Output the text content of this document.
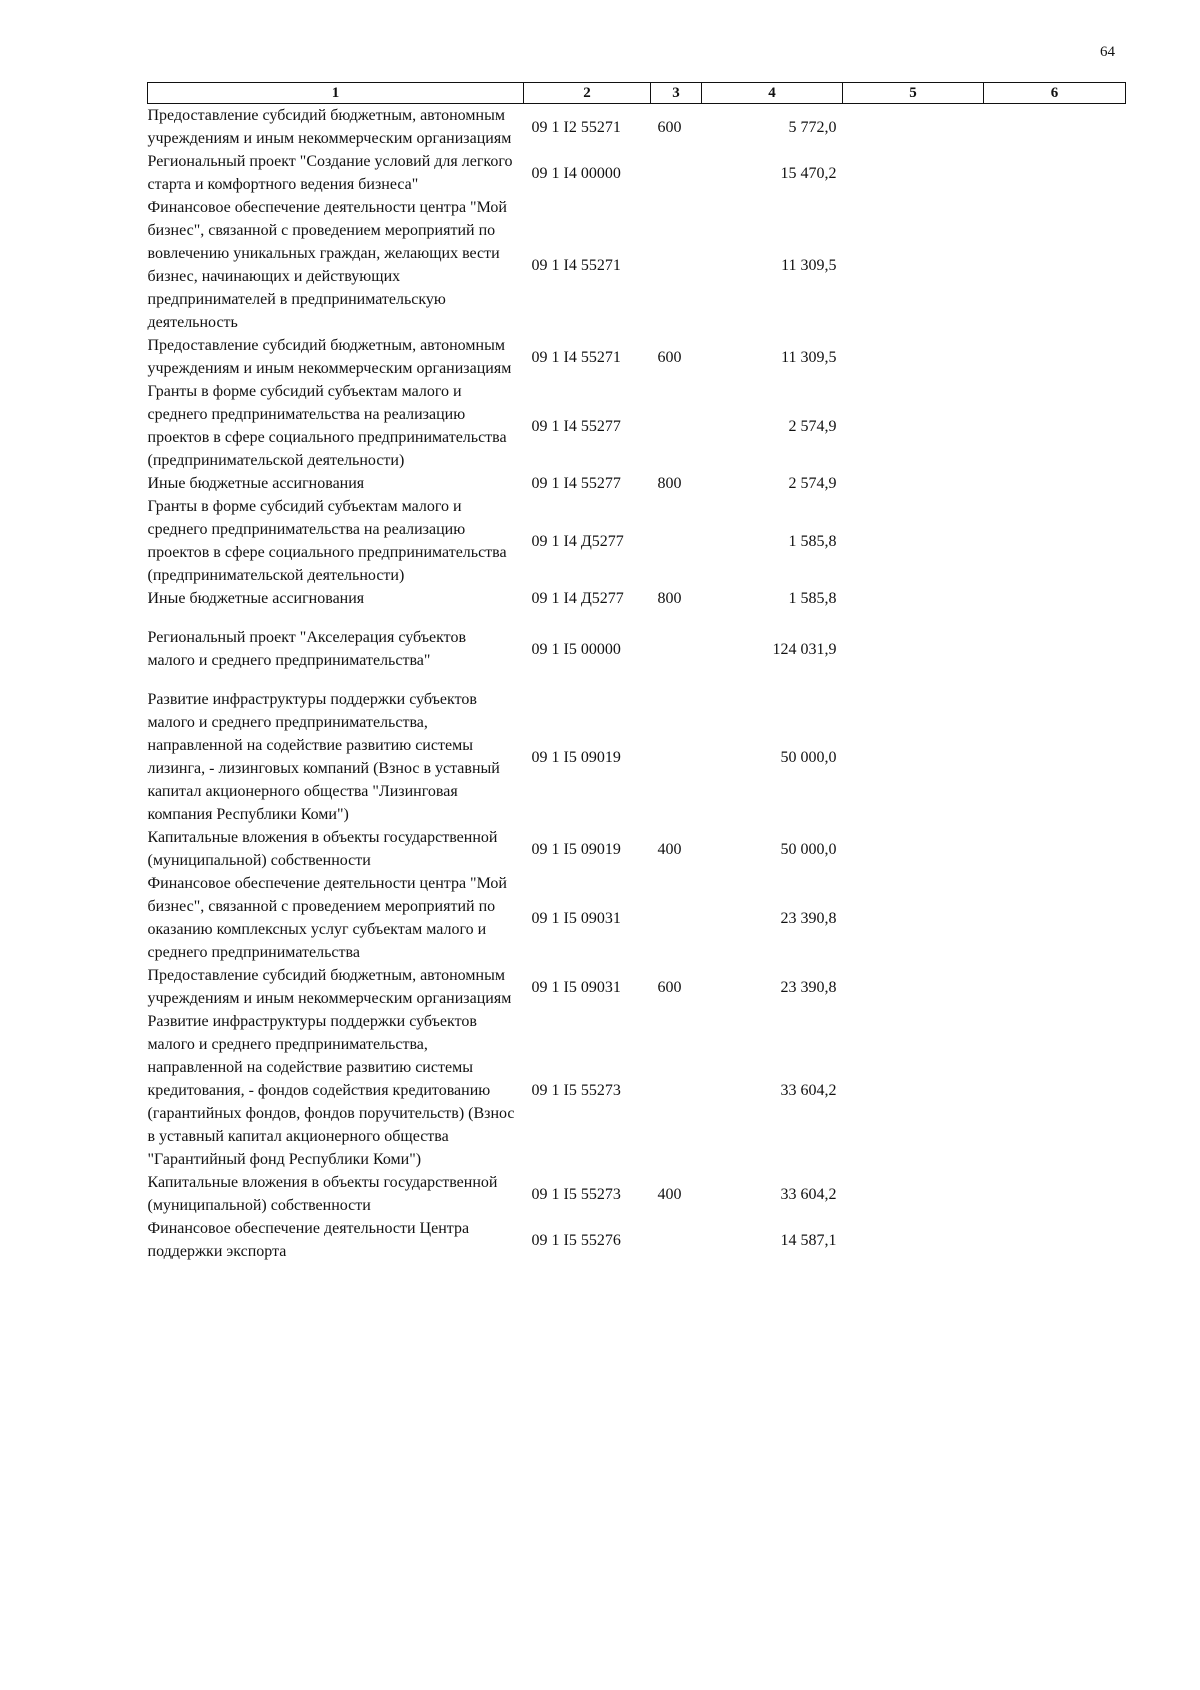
64
1	2	3	4	5	6
Предоставление субсидий бюджетным, автономным учреждениям и иным некоммерческим организациям	09 1 I2 55271	600	5 772,0		
Региональный проект "Создание условий для легкого старта и комфортного ведения бизнеса"	09 1 I4 00000		15 470,2		
Финансовое обеспечение деятельности центра "Мой бизнес", связанной с проведением мероприятий по вовлечению уникальных граждан, желающих вести бизнес, начинающих и действующих предпринимателей в предпринимательскую деятельность	09 1 I4 55271		11 309,5		
Предоставление субсидий бюджетным, автономным учреждениям и иным некоммерческим организациям	09 1 I4 55271	600	11 309,5		
Гранты в форме субсидий субъектам малого и среднего предпринимательства на реализацию проектов в сфере социального предпринимательства (предпринимательской деятельности)	09 1 I4 55277		2 574,9		
Иные бюджетные ассигнования	09 1 I4 55277	800	2 574,9		
Гранты в форме субсидий субъектам малого и среднего предпринимательства на реализацию проектов в сфере социального предпринимательства (предпринимательской деятельности)	09 1 I4 Д5277		1 585,8		
Иные бюджетные ассигнования	09 1 I4 Д5277	800	1 585,8		
Региональный проект "Акселерация субъектов малого и среднего предпринимательства"	09 1 I5 00000		124 031,9		
Развитие инфраструктуры поддержки субъектов малого и среднего предпринимательства, направленной на содействие развитию системы лизинга, - лизинговых компаний (Взнос в уставный капитал акционерного общества "Лизинговая компания Республики Коми")	09 1 I5 09019		50 000,0		
Капитальные вложения в объекты государственной (муниципальной) собственности	09 1 I5 09019	400	50 000,0		
Финансовое обеспечение деятельности центра "Мой бизнес", связанной с проведением мероприятий по оказанию комплексных услуг субъектам малого и среднего предпринимательства	09 1 I5 09031		23 390,8		
Предоставление субсидий бюджетным, автономным учреждениям и иным некоммерческим организациям	09 1 I5 09031	600	23 390,8		
Развитие инфраструктуры поддержки субъектов малого и среднего предпринимательства, направленной на содействие развитию системы кредитования, - фондов содействия кредитованию (гарантийных фондов, фондов поручительств) (Взнос в уставный капитал акционерного общества "Гарантийный фонд Республики Коми")	09 1 I5 55273		33 604,2		
Капитальные вложения в объекты государственной (муниципальной) собственности	09 1 I5 55273	400	33 604,2		
Финансовое обеспечение деятельности Центра поддержки экспорта	09 1 I5 55276		14 587,1		
